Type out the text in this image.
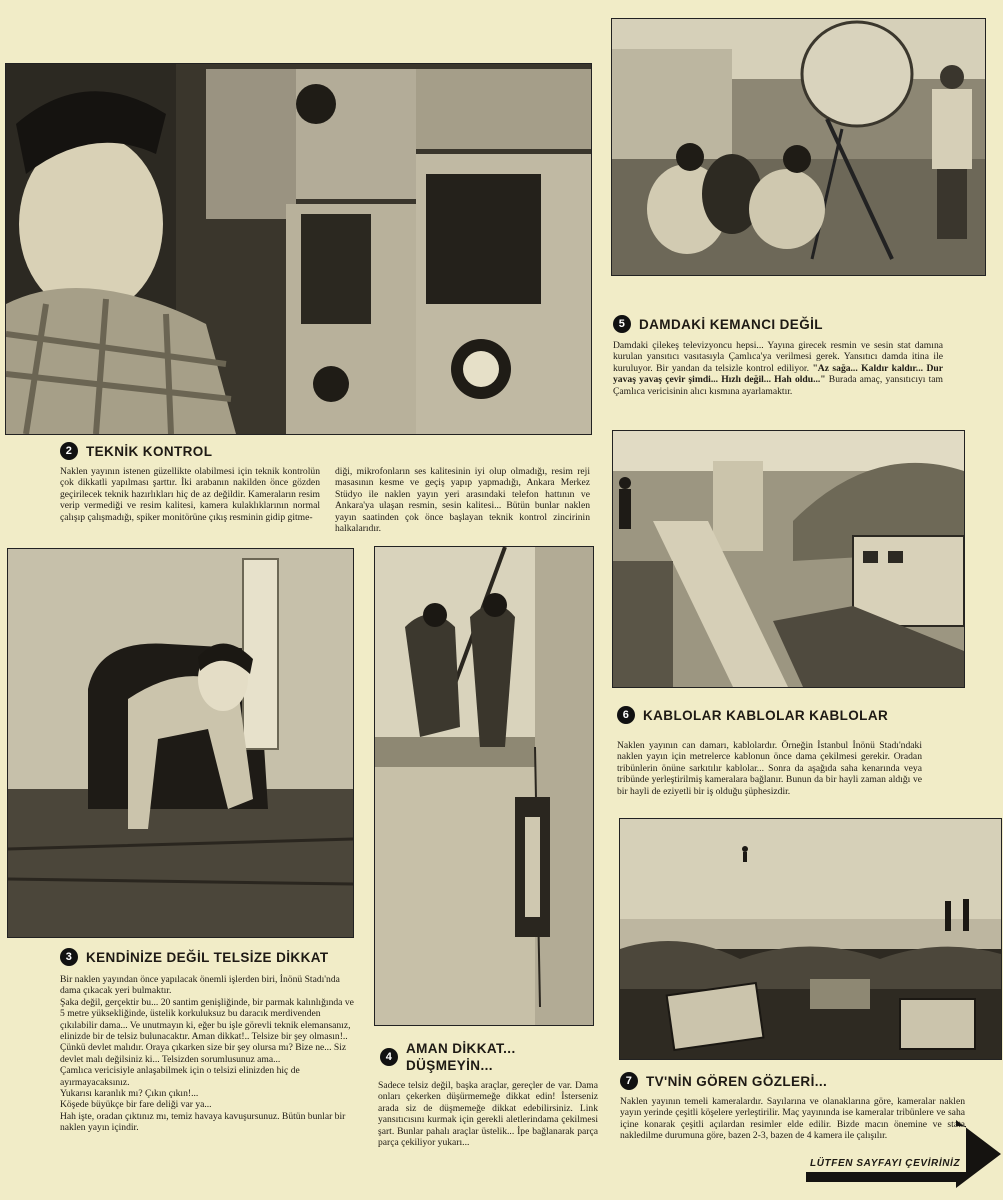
5	DAMDAKİ KEMANCI DEĞİL

Damdaki çilekeş televizyoncu hepsi... Yayına girecek resmin ve sesin stat damına kurulan yansıtıcı vasıtasıyla Çamlıca'ya verilmesi gerek. Yansıtıcı damda itina ile kuruluyor. Bir yandan da telsizle kontrol ediliyor. "Az sağa... Kaldır kaldır... Dur yavaş yavaş çevir şimdi... Hızlı değil... Hah oldu..." Burada amaç, yansıtıcıyı tam Çamlıca vericisinin alıcı kısmına ayarlamaktır.

2	TEKNİK KONTROL

Naklen yayının istenen güzellikte olabilmesi için teknik kontrolün çok dikkatli yapılması şarttır. İki arabanın nakilden önce gözden geçirilecek teknik hazırlıkları hiç de az değildir. Kameraların resim verip vermediği ve resim kalitesi, kamera kulaklıklarının normal çalışıp çalışmadığı, spiker monitörüne çıkış resminin gidip gitme-

diği, mikrofonların ses kalitesinin iyi olup olmadığı, resim reji masasının kesme ve geçiş yapıp yapmadığı, Ankara Merkez Stüdyo ile naklen yayın yeri arasındaki telefon hattının ve Ankara'ya ulaşan resmin, sesin kalitesi... Bütün bunlar naklen yayın saatinden çok önce başlayan teknik kontrol zincirinin halkalarıdır.

6	KABLOLAR KABLOLAR KABLOLAR

Naklen yayının can damarı, kablolardır. Örneğin İstanbul İnönü Stadı'ndaki naklen yayın için metrelerce kablonun önce dama çekilmesi gerekir. Oradan tribünlerin önüne sarkıtılır kablolar... Sonra da aşağıda saha kenarında veya tribünde yerleştirilmiş kameralara bağlanır. Bunun da bir hayli zaman aldığı ve bir hayli de eziyetli bir iş olduğu şüphesizdir.

3	KENDİNİZE DEĞİL TELSİZE DİKKAT

Bir naklen yayından önce yapılacak önemli işlerden biri, İnönü Stadı'nda dama çıkacak yeri bulmaktır.

Şaka değil, gerçektir bu... 20 santim genişliğinde, bir parmak kalınlığında ve 5 metre yüksekliğinde, üstelik korkuluksuz bu daracık merdivenden çıkılabilir dama... Ve unutmayın ki, eğer bu işle görevli teknik elemansanız, elinizde bir de telsiz bulunacaktır. Aman dikkat!.. Telsize bir şey olmasın!..

Çünkü devlet malıdır. Oraya çıkarken size bir şey olursa mı? Bize ne... Siz devlet malı değilsiniz ki... Telsizden sorumlusunuz ama...

Çamlıca vericisiyle anlaşabilmek için o telsizi elinizden hiç de ayırmayacaksınız.

Yukarısı karanlık mı? Çıkın çıkın!...

Köşede büyükçe bir fare deliği var ya...

Hah işte, oradan çıktınız mı, temiz havaya kavuşursunuz. Bütün bunlar bir naklen yayın içindir.

4
AMAN DİKKAT...
DÜŞMEYİN...

Sadece telsiz değil, başka araçlar, gereçler de var. Dama onları çekerken düşürmemeğe dikkat edin! İsterseniz arada siz de düşmemeğe dikkat edebilirsiniz. Link yansıtıcısını kurmak için gerekli aletlerindama çekilmesi şart. Bunlar pahalı araçlar üstelik... İpe bağlanarak parça parça çekiliyor yukarı...

7	TV'NİN GÖREN GÖZLERİ...

Naklen yayının temeli kameralardır. Sayılarına ve olanaklarına göre, kameralar naklen yayın yerinde çeşitli köşelere yerleştirilir. Maç yayınında ise kameralar tribünlere ve saha içine konarak çeşitli açılardan resimler elde edilir. Bizde macın önemine ve stata nakledilme durumuna göre, bazen 2-3, bazen de 4 kamera ile çalışılır.

LÜTFEN SAYFAYI ÇEVİRİNİZ
